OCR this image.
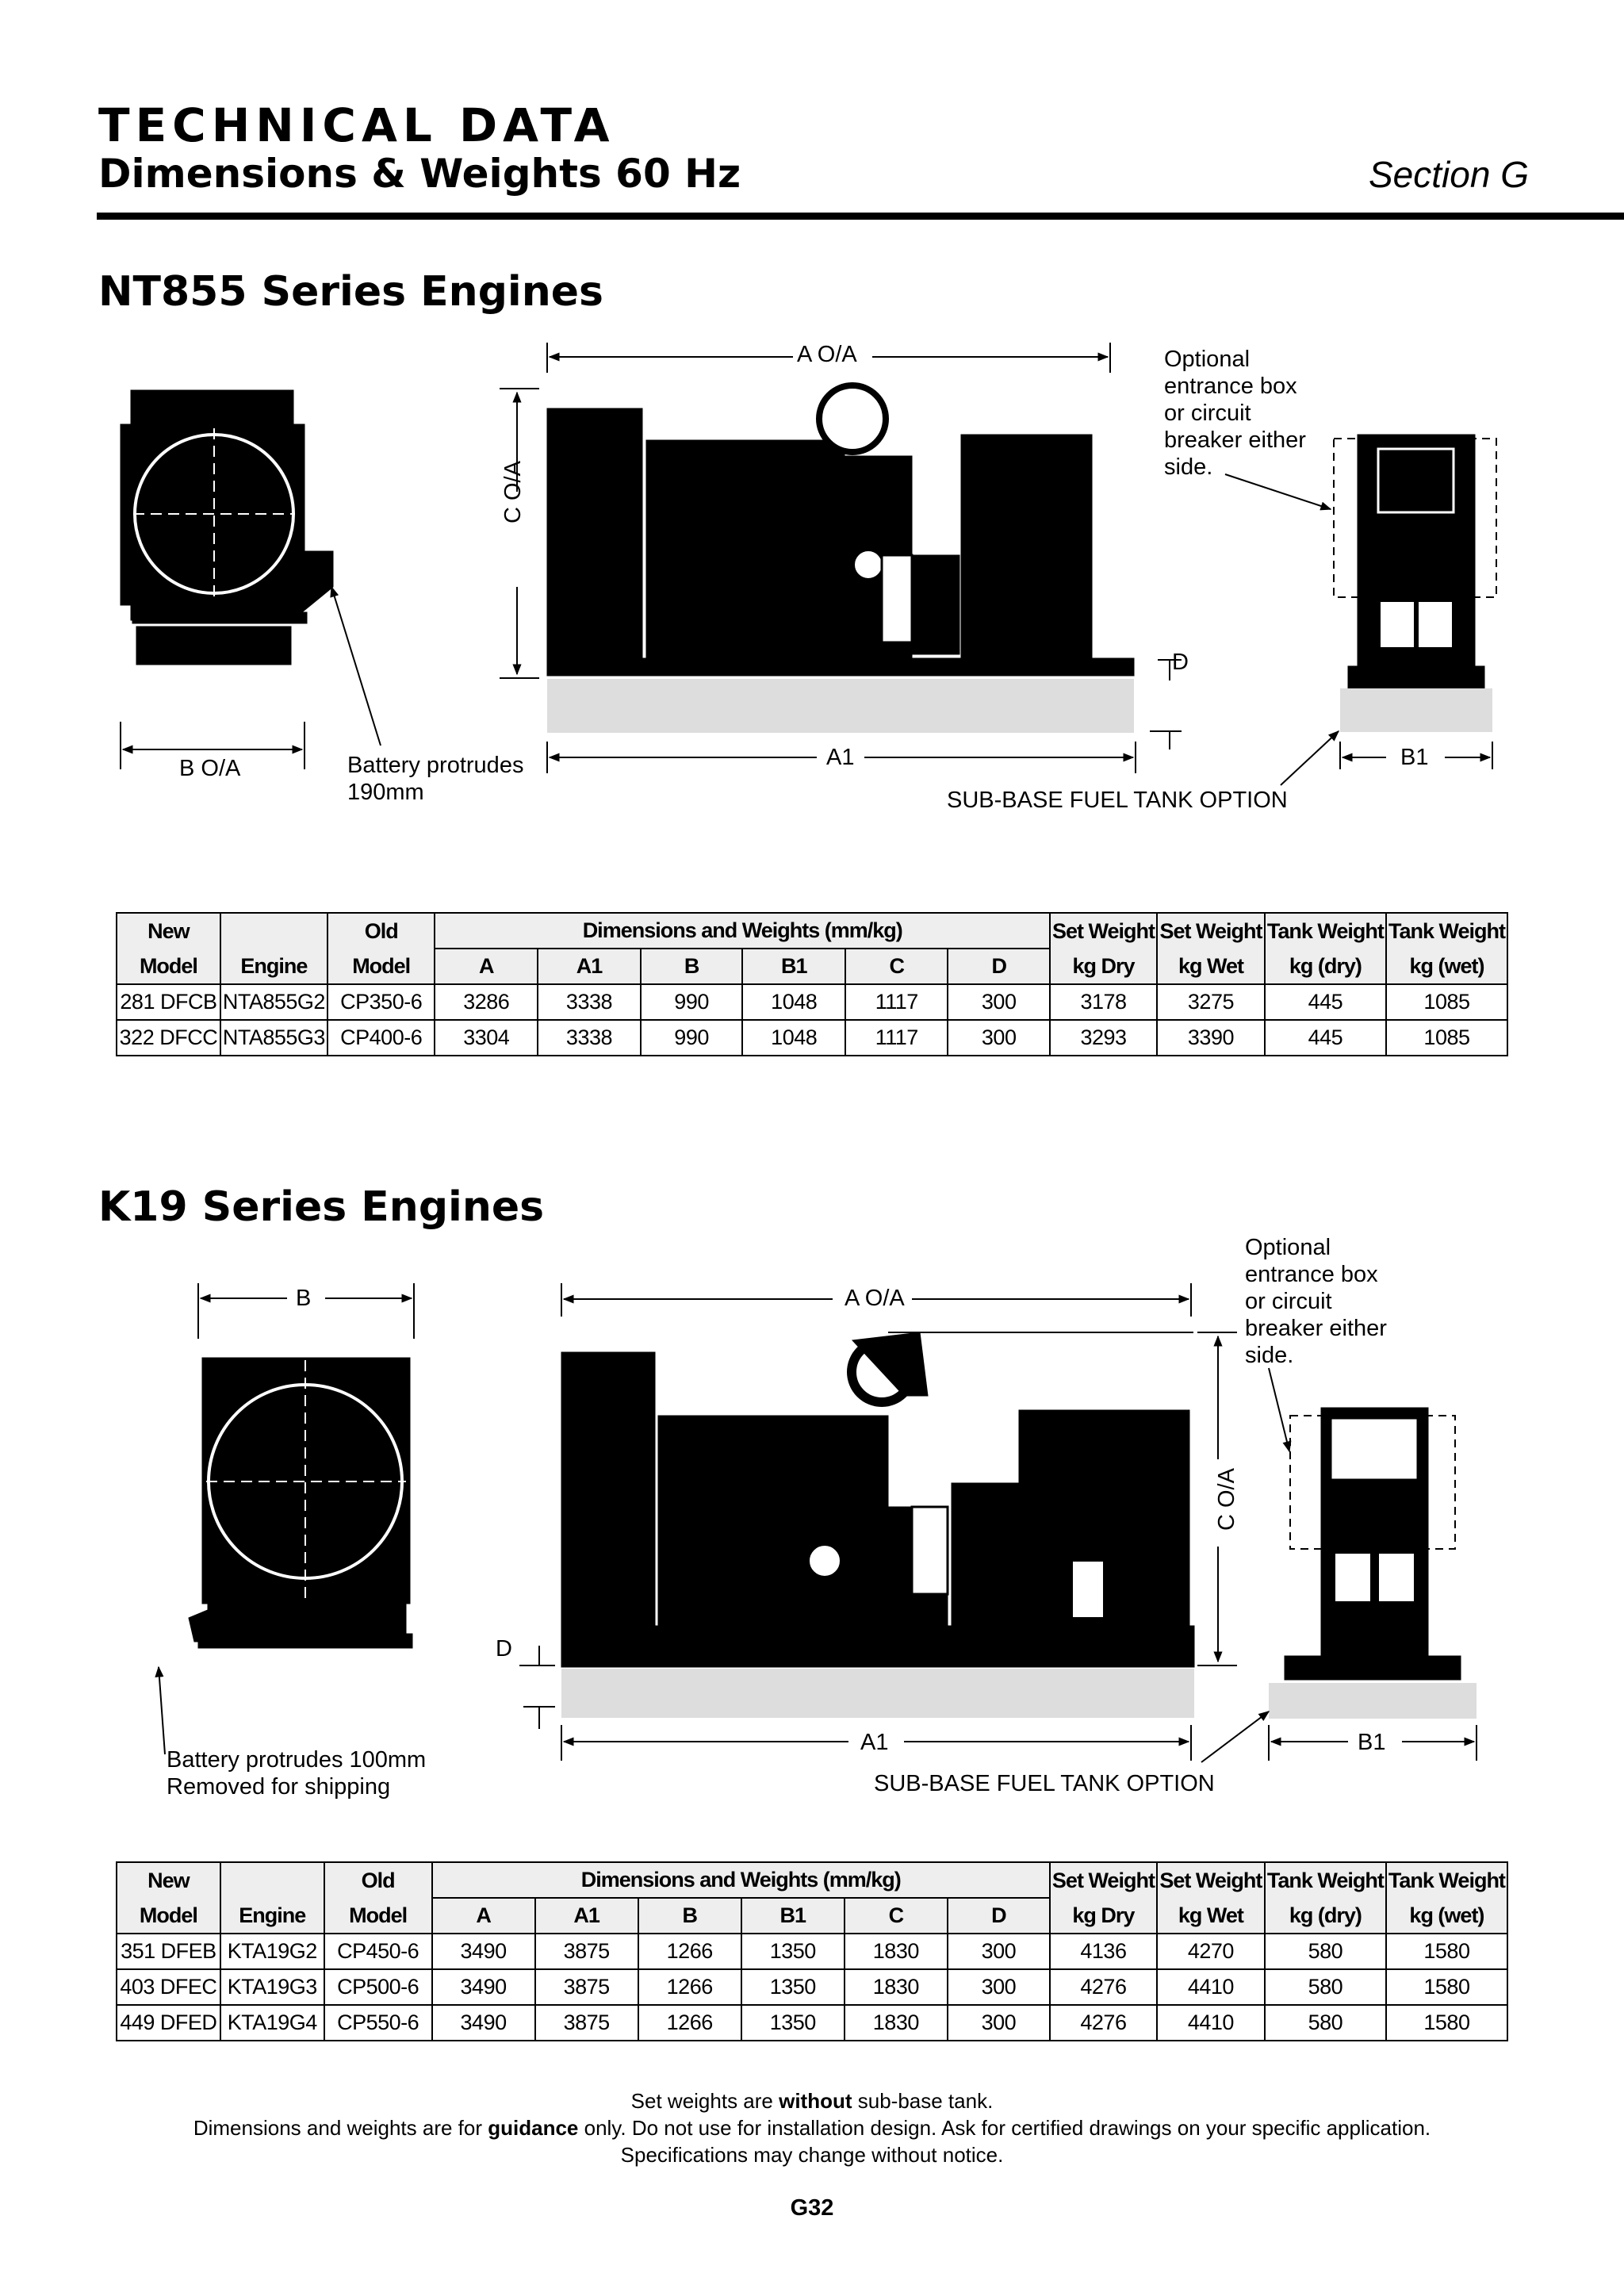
TECHNICAL DATA
Dimensions & Weights 60 Hz	Section G
NT855 Series Engines
A O/A
C O/A
B O/A	Battery protrudes
190mm
A1	B1
D
Optional
entrance box
or circuit
breaker either
side.
SUB-BASE FUEL TANK OPTION
New		Old	Dimensions and Weights (mm/kg)						Set Weight	Set Weight	Tank Weight	Tank Weight
Model	Engine	Model	A	A1	B	B1	C	D	kg Dry	kg Wet	kg (dry)	kg (wet)
281 DFCB	NTA855G2	CP350-6	3286	3338	990	1048	1117	300	3178	3275	445	1085
322 DFCC	NTA855G3	CP400-6	3304	3338	990	1048	1117	300	3293	3390	445	1085
K19 Series Engines
B	A O/A
C O/A
D
A1	B1
Battery protrudes 100mm
Removed for shipping
Optional
entrance box
or circuit
breaker either
side.
SUB-BASE FUEL TANK OPTION
New		Old	Dimensions and Weights (mm/kg)						Set Weight	Set Weight	Tank Weight	Tank Weight
Model	Engine	Model	A	A1	B	B1	C	D	kg Dry	kg Wet	kg (dry)	kg (wet)
351 DFEB	KTA19G2	CP450-6	3490	3875	1266	1350	1830	300	4136	4270	580	1580
403 DFEC	KTA19G3	CP500-6	3490	3875	1266	1350	1830	300	4276	4410	580	1580
449 DFED	KTA19G4	CP550-6	3490	3875	1266	1350	1830	300	4276	4410	580	1580
Set weights are without sub-base tank.
Dimensions and weights are for guidance only. Do not use for installation design. Ask for certified drawings on your specific application.
Specifications may change without notice.
G32
